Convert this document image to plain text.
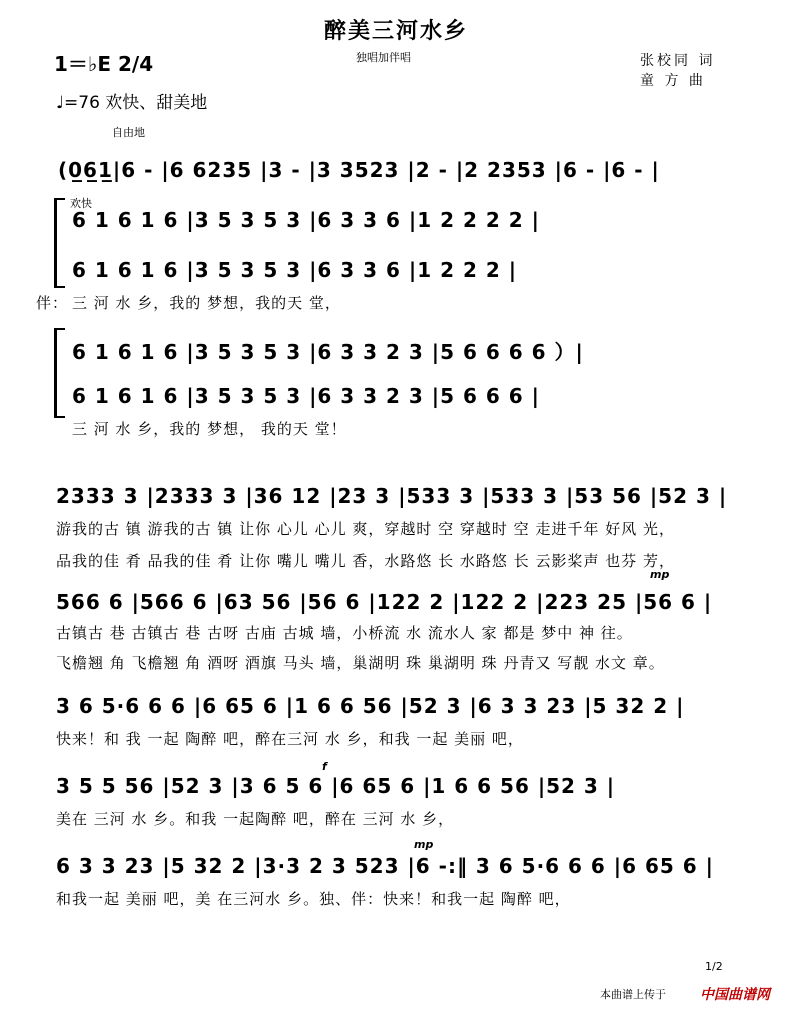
醉美三河水乡
独唱加伴唱	张校同 词
童 方 曲
1＝♭E 2/4
♩=76 欢快、甜美地
自由地
(0̲6̲1̲|6 - |6 6235 |3 - |3 3523 |2 - |2 2353 |6 - |6 - |
欢快
6 1 6 1 6 |3 5 3 5 3 |6 3 3 6 |1 2 2 2 2 |
6 1 6 1 6 |3 5 3 5 3 |6 3 3 6 |1 2 2 2 |
伴： 三 河 水 乡，我的 梦想，我的天 堂，
6 1 6 1 6 |3 5 3 5 3 |6 3 3 2 3 |5 6 6 6 6 ）|
6 1 6 1 6 |3 5 3 5 3 |6 3 3 2 3 |5 6 6 6 |
三 河 水 乡，我的 梦想， 我的天 堂！
2333 3 |2333 3 |36 12 |23 3 |533 3 |533 3 |53 56 |52 3 |
游我的古 镇 游我的古 镇 让你 心儿 心儿 爽，穿越时 空 穿越时 空 走进千年 好风 光，
品我的佳 肴 品我的佳 肴 让你 嘴儿 嘴儿 香，水路悠 长 水路悠 长 云影桨声 也芬 芳，
566 6 |566 6 |63 56 |56 6 |122 2 |122 2 |223 25 |56 6 |
mp
古镇古 巷 古镇古 巷 古呀 古庙 古城 墙，小桥流 水 流水人 家 都是 梦中 神 往。
飞檐翘 角 飞檐翘 角 酒呀 酒旗 马头 墙，巢湖明 珠 巢湖明 珠 丹青又 写靓 水文 章。
3 6 5·6 6 6 |6 65 6 |1 6 6 56 |52 3 |6 3 3 23 |5 32 2 |
快来！和 我 一起 陶醉 吧，醉在三河 水 乡，和我 一起 美丽 吧，
3 5 5 56 |52 3 |3 6 5 6 |6 65 6 |1 6 6 56 |52 3 |
f
美在 三河 水 乡。和我 一起陶醉 吧，醉在 三河 水 乡，
6 3 3 23 |5 32 2 |3·3 2 3 523 |6 -:‖ 3 6 5·6 6 6 |6 65 6 |
mp
和我一起 美丽 吧，美 在三河水 乡。独、伴：快来！和我一起 陶醉 吧，
1/2
本曲谱上传于 中国曲谱网
